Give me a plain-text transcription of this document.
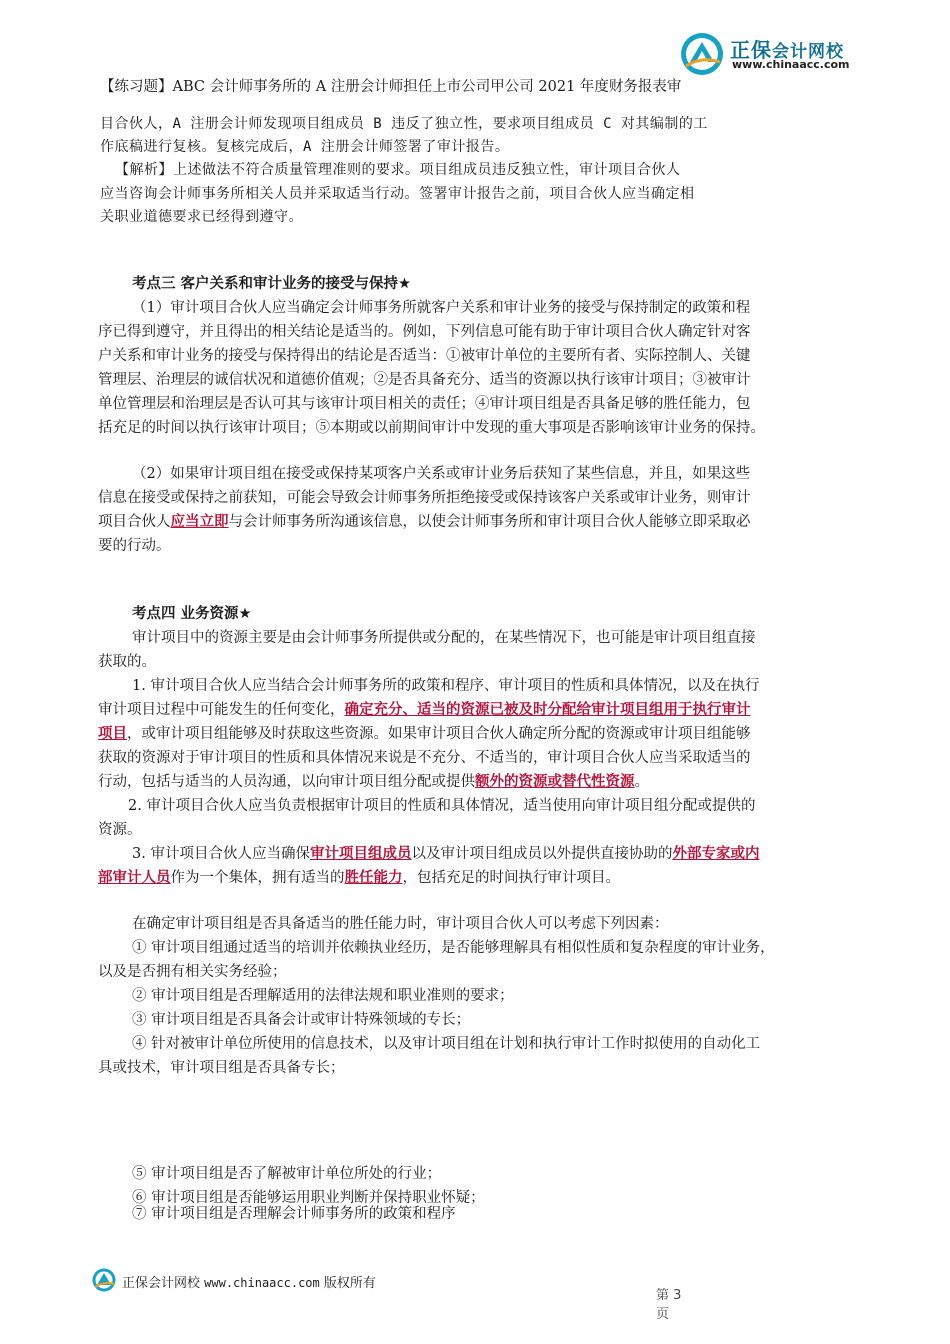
正保会计网校
www.chinaacc.com
【练习题】ABC 会计师事务所的 A 注册会计师担任上市公司甲公司 2021 年度财务报表审
目合伙人，A 注册会计师发现项目组成员 B 违反了独立性，要求项目组成员 C 对其编制的工
作底稿进行复核。复核完成后，A 注册会计师签署了审计报告。
【解析】上述做法不符合质量管理准则的要求。项目组成员违反独立性，审计项目合伙人
应当咨询会计师事务所相关人员并采取适当行动。签署审计报告之前，项目合伙人应当确定相
关职业道德要求已经得到遵守。
考点三 客户关系和审计业务的接受与保持★
（1）审计项目合伙人应当确定会计师事务所就客户关系和审计业务的接受与保持制定的政策和程
序已得到遵守，并且得出的相关结论是适当的。例如，下列信息可能有助于审计项目合伙人确定针对客
户关系和审计业务的接受与保持得出的结论是否适当：①被审计单位的主要所有者、实际控制人、关键
管理层、治理层的诚信状况和道德价值观；②是否具备充分、适当的资源以执行该审计项目；③被审计
单位管理层和治理层是否认可其与该审计项目相关的责任；④审计项目组是否具备足够的胜任能力，包
括充足的时间以执行该审计项目；⑤本期或以前期间审计中发现的重大事项是否影响该审计业务的保持。
（2）如果审计项目组在接受或保持某项客户关系或审计业务后获知了某些信息，并且，如果这些
信息在接受或保持之前获知，可能会导致会计师事务所拒绝接受或保持该客户关系或审计业务，则审计
项目合伙人应当立即与会计师事务所沟通该信息，以使会计师事务所和审计项目合伙人能够立即采取必
要的行动。
考点四 业务资源★
审计项目中的资源主要是由会计师事务所提供或分配的，在某些情况下，也可能是审计项目组直接
获取的。
1. 审计项目合伙人应当结合会计师事务所的政策和程序、审计项目的性质和具体情况，以及在执行
审计项目过程中可能发生的任何变化，确定充分、适当的资源已被及时分配给审计项目组用于执行审计
项目，或审计项目组能够及时获取这些资源。如果审计项目合伙人确定所分配的资源或审计项目组能够
获取的资源对于审计项目的性质和具体情况来说是不充分、不适当的，审计项目合伙人应当采取适当的
行动，包括与适当的人员沟通，以向审计项目组分配或提供额外的资源或替代性资源。
2. 审计项目合伙人应当负责根据审计项目的性质和具体情况，适当使用向审计项目组分配或提供的
资源。
3. 审计项目合伙人应当确保审计项目组成员以及审计项目组成员以外提供直接协助的外部专家或内
部审计人员作为一个集体，拥有适当的胜任能力，包括充足的时间执行审计项目。
在确定审计项目组是否具备适当的胜任能力时，审计项目合伙人可以考虑下列因素：
① 审计项目组通过适当的培训并依赖执业经历，是否能够理解具有相似性质和复杂程度的审计业务，
以及是否拥有相关实务经验；
② 审计项目组是否理解适用的法律法规和职业准则的要求；
③ 审计项目组是否具备会计或审计特殊领域的专长；
④ 针对被审计单位所使用的信息技术，以及审计项目组在计划和执行审计工作时拟使用的自动化工
具或技术，审计项目组是否具备专长；
⑤ 审计项目组是否了解被审计单位所处的行业；
⑥ 审计项目组是否能够运用职业判断并保持职业怀疑；
⑦ 审计项目组是否理解会计师事务所的政策和程序
正保会计网校 www.chinaacc.com 版权所有
第 3 页
